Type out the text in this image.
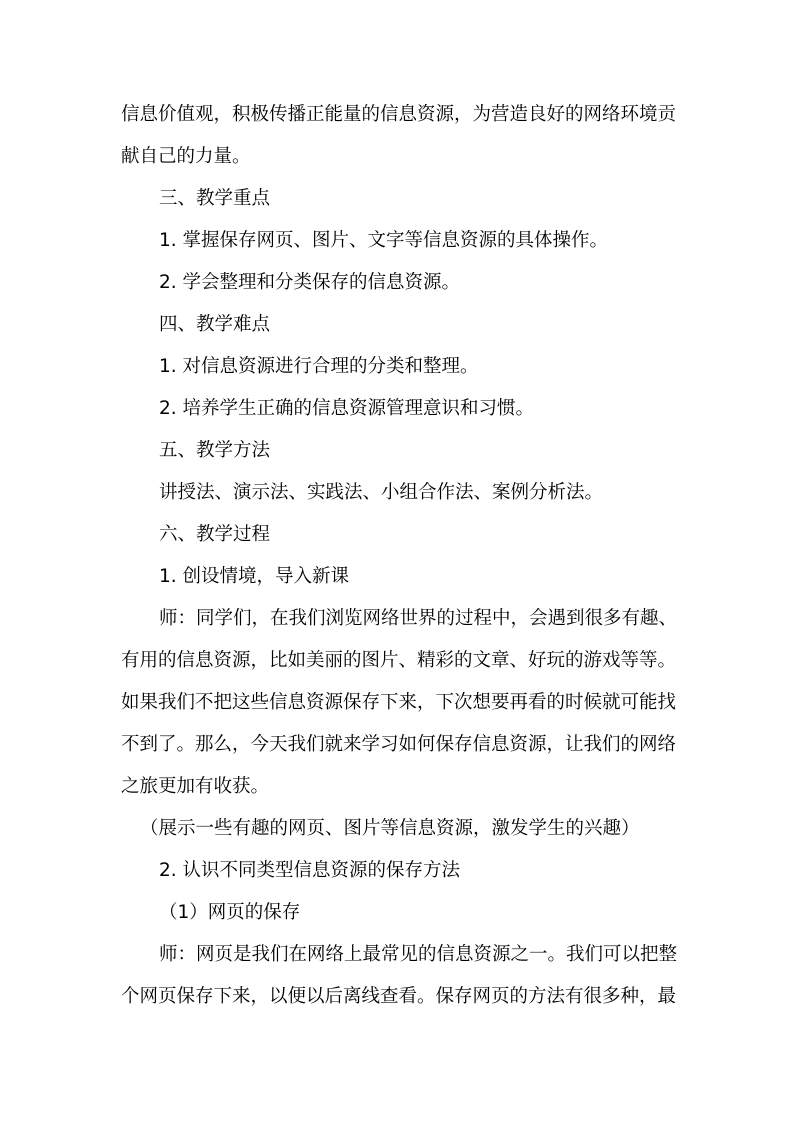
信息价值观，积极传播正能量的信息资源，为营造良好的网络环境贡
献自己的力量。
三、教学重点
1. 掌握保存网页、图片、文字等信息资源的具体操作。
2. 学会整理和分类保存的信息资源。
四、教学难点
1. 对信息资源进行合理的分类和整理。
2. 培养学生正确的信息资源管理意识和习惯。
五、教学方法
讲授法、演示法、实践法、小组合作法、案例分析法。
六、教学过程
1. 创设情境，导入新课
师：同学们，在我们浏览网络世界的过程中，会遇到很多有趣、
有用的信息资源，比如美丽的图片、精彩的文章、好玩的游戏等等。
如果我们不把这些信息资源保存下来，下次想要再看的时候就可能找
不到了。那么，今天我们就来学习如何保存信息资源，让我们的网络
之旅更加有收获。
（展示一些有趣的网页、图片等信息资源，激发学生的兴趣）
2. 认识不同类型信息资源的保存方法
（1）网页的保存
师：网页是我们在网络上最常见的信息资源之一。我们可以把整
个网页保存下来，以便以后离线查看。保存网页的方法有很多种，最
